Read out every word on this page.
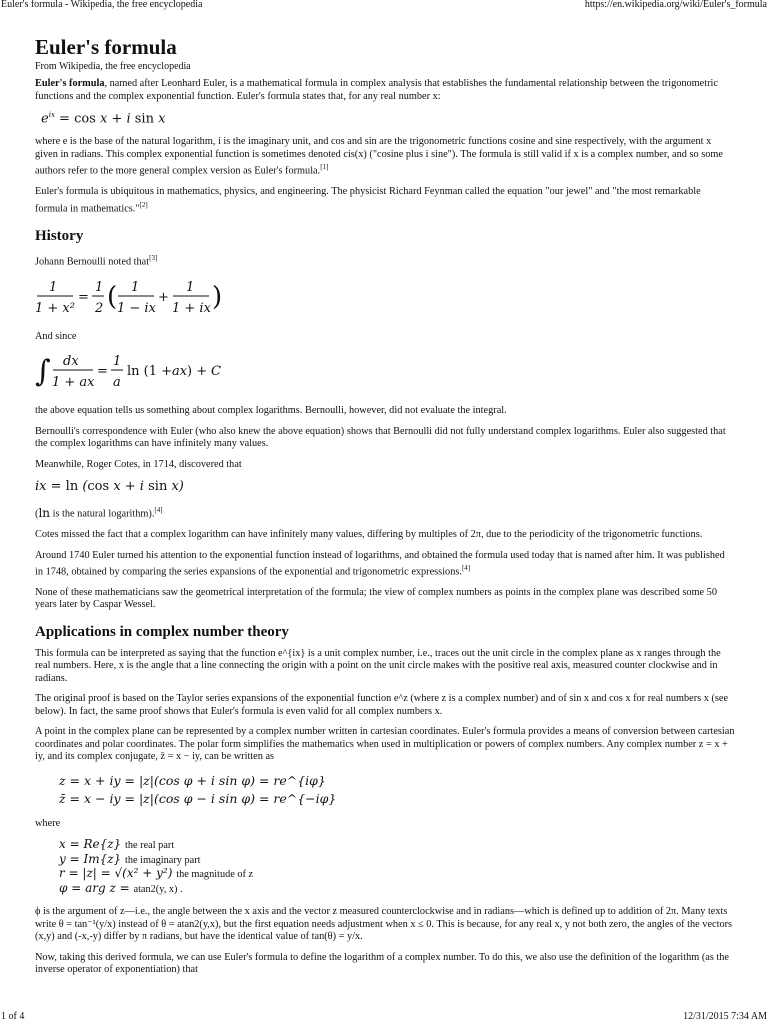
Euler's formula - Wikipedia, the free encyclopedia	https://en.wikipedia.org/wiki/Euler's_formula
Euler's formula
From Wikipedia, the free encyclopedia

Euler's formula, named after Leonhard Euler, is a mathematical formula in complex analysis that establishes the fundamental relationship between the trigonometric functions and the complex exponential function. Euler's formula states that, for any real number x:

$e^{ix} = \cos x + i$ sin x

where e is the base of the natural logarithm, i is the imaginary unit, and cos and sin are the trigonometric functions cosine and sine respectively, with the argument x given in radians. This complex exponential function is sometimes denoted cis(x) ("cosine plus i sine"). The formula is still valid if x is a complex number, and so some authors refer to the more general complex version as Euler's formula.[1]

Euler's formula is ubiquitous in mathematics, physics, and engineering. The physicist Richard Feynman called the equation "our jewel" and "the most remarkable formula in mathematics."[2]

History

Johann Bernoulli noted that[3]

1
1 + x²
=
1
2 ( 1
1 − ix
+
1
1 + ix )

And since

∫ dx
1 + ax
=
1
a
ln (1 + ax ) + C

the above equation tells us something about complex logarithms. Bernoulli, however, did not evaluate the integral.

Bernoulli's correspondence with Euler (who also knew the above equation) shows that Bernoulli did not fully understand complex logarithms. Euler also suggested that the complex logarithms can have infinitely many values.

Meanwhile, Roger Cotes, in 1714, discovered that

ix = ln (cos x + i sin x)

(ln is the natural logarithm).[4]

Cotes missed the fact that a complex logarithm can have infinitely many values, differing by multiples of 2π, due to the periodicity of the trigonometric functions.

Around 1740 Euler turned his attention to the exponential function instead of logarithms, and obtained the formula used today that is named after him. It was published in 1748, obtained by comparing the series expansions of the exponential and trigonometric expressions.[4]

None of these mathematicians saw the geometrical interpretation of the formula; the view of complex numbers as points in the complex plane was described some 50 years later by Caspar Wessel.

Applications in complex number theory

This formula can be interpreted as saying that the function e^{ix} is a unit complex number, i.e., traces out the unit circle in the complex plane as x ranges through the real numbers. Here, x is the angle that a line connecting the origin with a point on the unit circle makes with the positive real axis, measured counter clockwise and in radians.

The original proof is based on the Taylor series expansions of the exponential function e^z (where z is a complex number) and of sin x and cos x for real numbers x (see below). In fact, the same proof shows that Euler's formula is even valid for all complex numbers x.

A point in the complex plane can be represented by a complex number written in cartesian coordinates. Euler's formula provides a means of conversion between cartesian coordinates and polar coordinates. The polar form simplifies the mathematics when used in multiplication or powers of complex numbers. Any complex number z = x + iy, and its complex conjugate, z̄ = x − iy, can be written as

z = x + iy = |z|(cos φ + i sin φ) = re^{iφ}
z̄ = x − iy = |z|(cos φ − i sin φ) = re^{−iφ}

where

x = Re{z} the real part
y = Im{z} the imaginary part
r = |z| = √(x² + y²) the magnitude of z
φ = arg z = atan2(y, x) .

ϕ is the argument of z—i.e., the angle between the x axis and the vector z measured counterclockwise and in radians—which is defined up to addition of 2π. Many texts write θ = tan⁻¹(y/x) instead of θ = atan2(y,x), but the first equation needs adjustment when x ≤ 0. This is because, for any real x, y not both zero, the angles of the vectors (x,y) and (-x,-y) differ by π radians, but have the identical value of tan(θ) = y/x.

Now, taking this derived formula, we can use Euler's formula to define the logarithm of a complex number. To do this, we also use the definition of the logarithm (as the inverse operator of exponentiation) that

1 of 4	12/31/2015 7:34 AM
